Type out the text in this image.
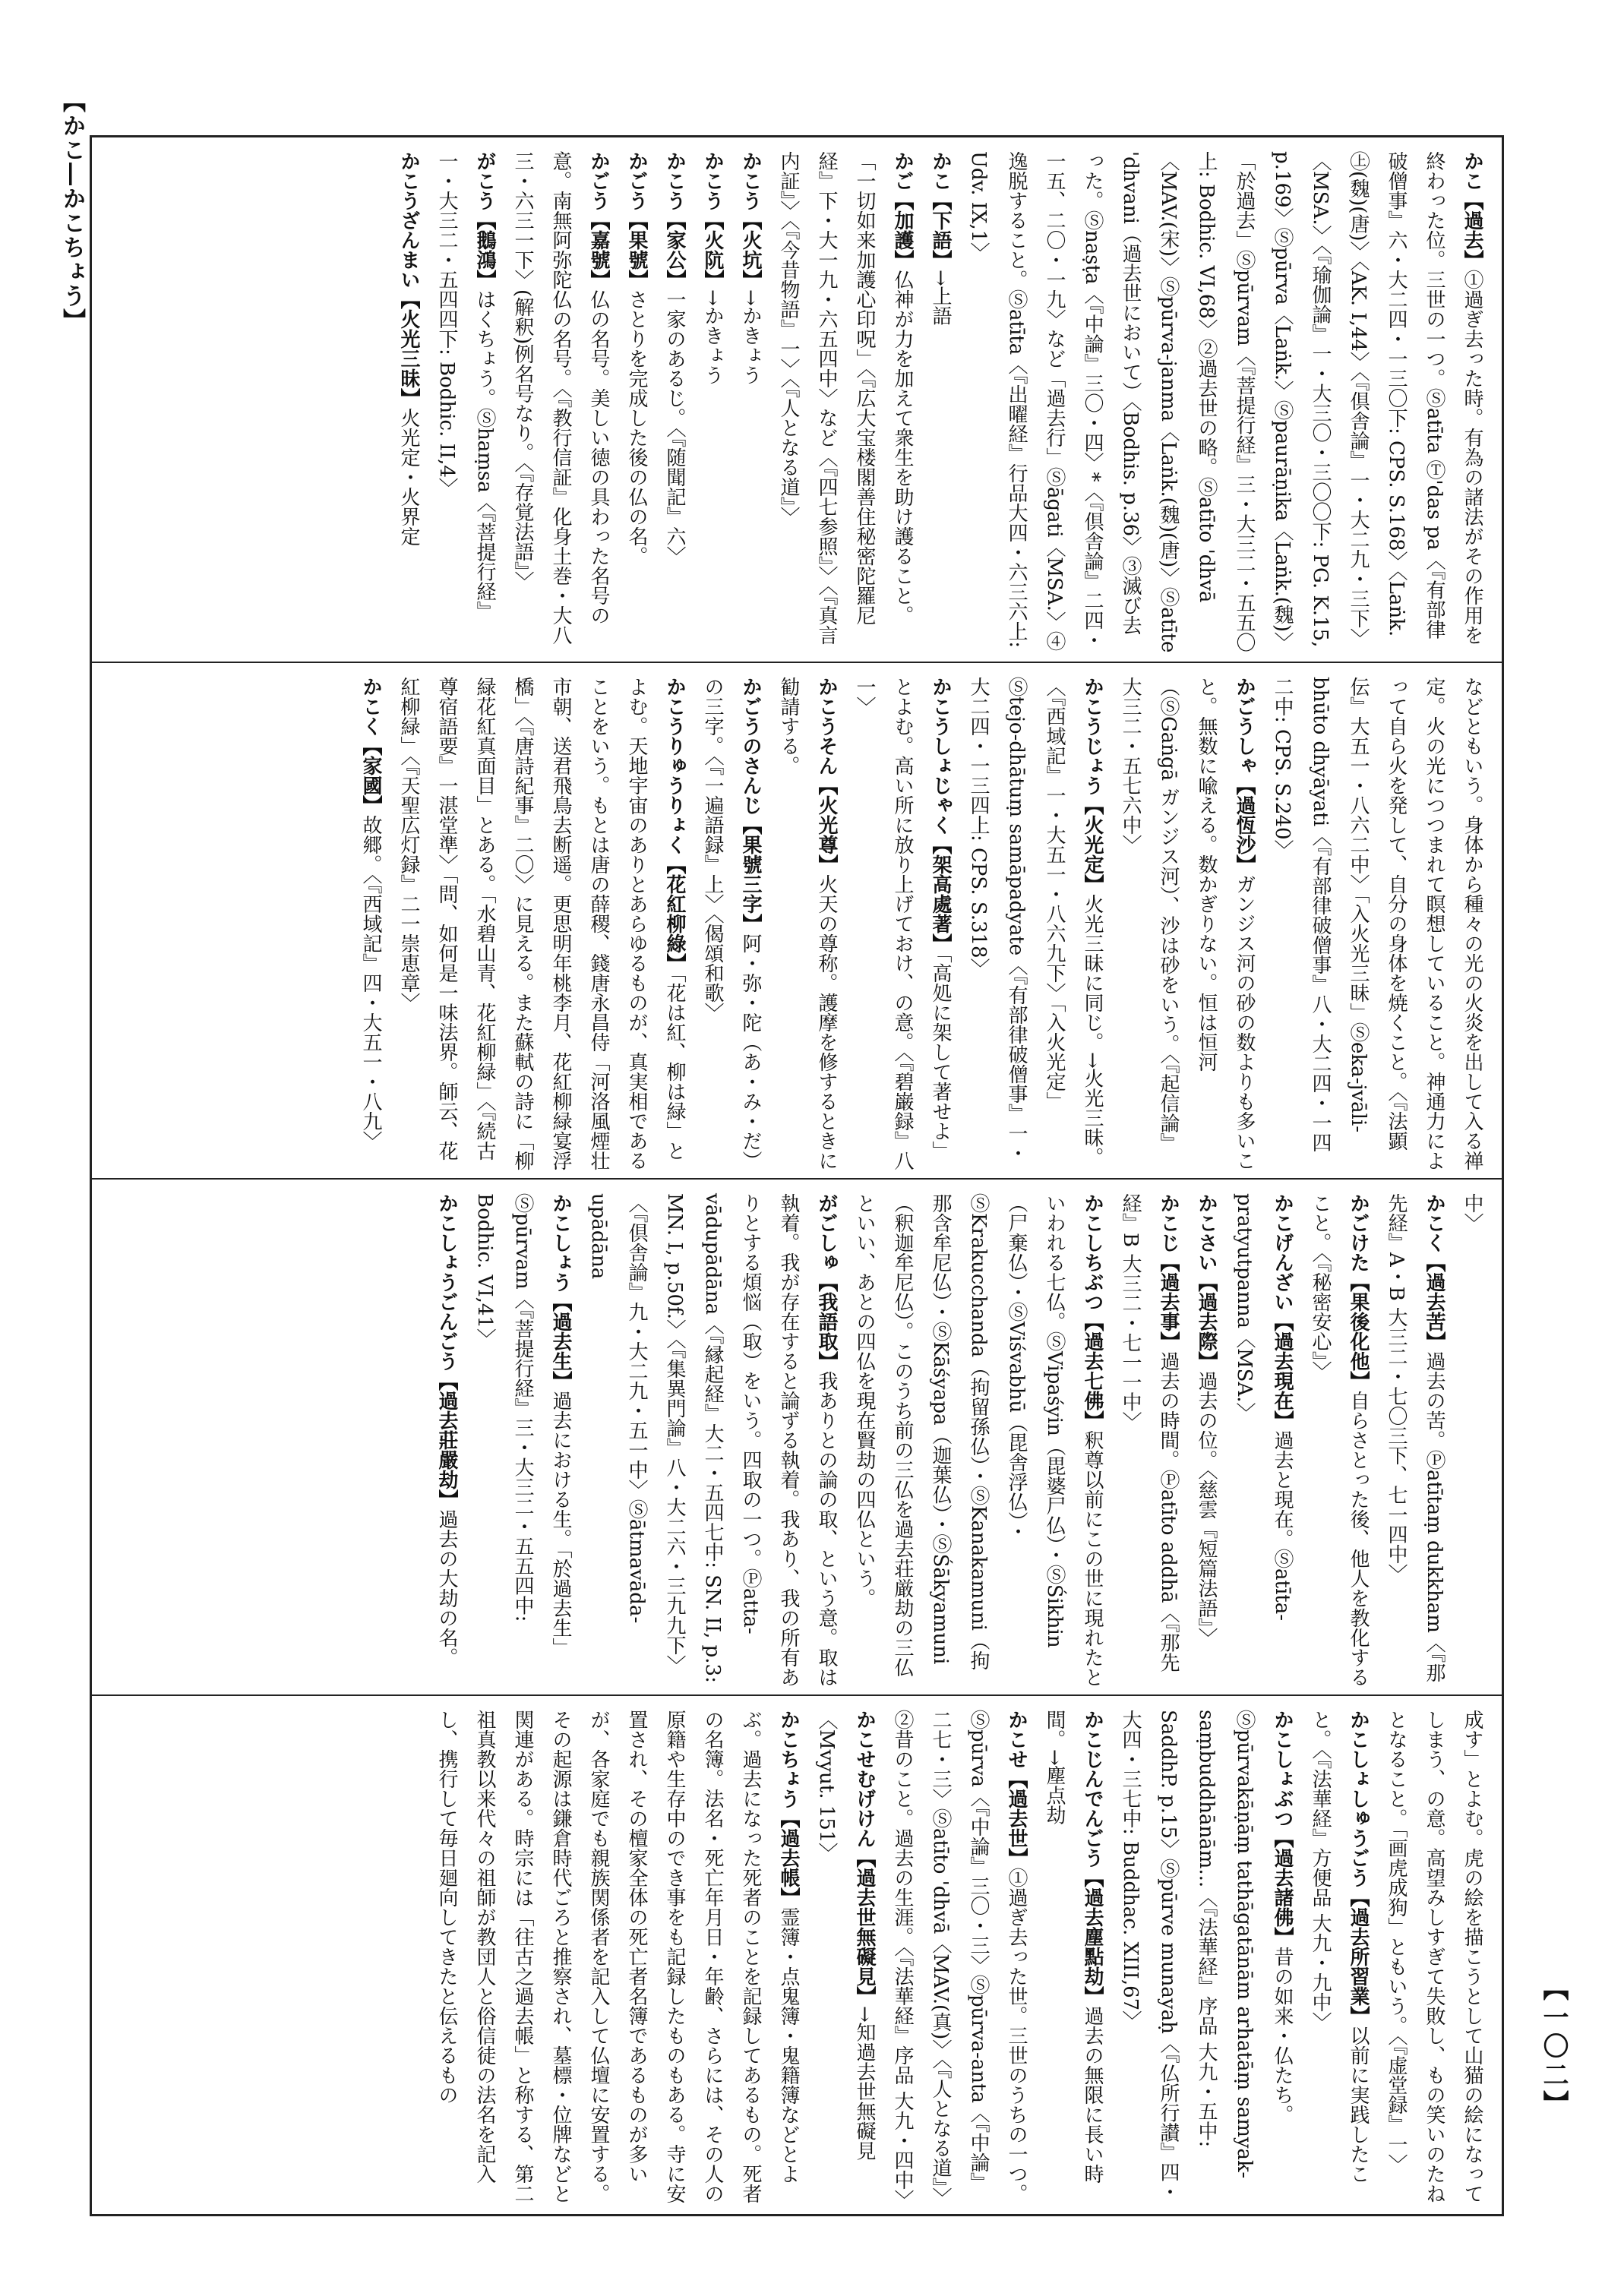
【かこ―かこちょう】
【一〇二】
かこ【過去】①過ぎ去った時。有為の諸法がその作用を終わった位。三世の一つ。Ⓢatīta Ⓣ'das pa〈『有部律破僧事』六・大二四・一三〇下: CPS. S.168〉〈Laṅk. ㊤(魏)(唐)〉〈AK. I,44〉〈『倶舎論』一・大二九・三下〉〈MSA.〉〈『瑜伽論』一・大三〇・三〇〇下: PG. K.15, p.169〉Ⓢpūrva〈Laṅk.〉Ⓢpaurāṇika〈Laṅk.(魏)〉「於過去」Ⓢpūrvam〈『菩提行経』三・大三二・五五〇上: Bodhic. VI,68〉②過去世の略。Ⓢatīto 'dhvā〈MAV.(宋)〉Ⓢpūrva-janma〈Laṅk.(魏)(唐)〉Ⓢatīte 'dhvani（過去世において）〈Bodhis. p.36〉③滅び去った。Ⓢnaṣṭa〈『中論』三〇・四〉*〈『倶舎論』二四・一五、二〇・一九〉など「過去行」Ⓢāgati〈MSA.〉④逸脱すること。Ⓢatīta〈『出曜経』行品大四・六三六上: Udv. IX,1〉
かこ【下語】→上語
かご【加護】仏神が力を加えて衆生を助け護ること。「一切如来加護心印呪」〈『広大宝楼閣善住秘密陀羅尼経』下・大一九・六五四中〉など〈『四七参照』〉〈『真言内証』〉〈『今昔物語』一〉〈『人となる道』〉
かこう【火坑】→かきょう
かこう【火阬】→かきょう
かこう【家公】一家のあるじ。〈『随聞記』六〉
かごう【果號】さとりを完成した後の仏の名。
かごう【嘉號】仏の名号。美しい徳の具わった名号の意。南無阿弥陀仏の名号。〈『教行信証』化身土巻・大八三・六三一下〉(解釈)例名号なり。〈『存覚法語』〉
がこう【鵝鴻】はくちょう。Ⓢhaṃsa〈『菩提行経』一・大三二・五四四下: Bodhic. II,4〉
かこうざんまい【火光三昧】火光定・火界定
などともいう。身体から種々の光の火炎を出して入る禅定。火の光につつまれて瞑想していること。神通力によって自ら火を発して、自分の身体を焼くこと。〈『法顕伝』大五一・八六二中〉「入火光三昧」Ⓢeka-jvāli-bhūto dhyāyati〈『有部律破僧事』八・大二四・一四二中: CPS. S.240〉
かごうしゃ【過恆沙】ガンジス河の砂の数よりも多いこと。無数に喩える。数かぎりない。恒は恒河（ⓈGaṅgā ガンジス河）、沙は砂をいう。〈『起信論』大三二・五七六中〉
かこうじょう【火光定】火光三昧に同じ。→火光三昧。〈『西域記』一・大五一・八六九下〉「入火光定」Ⓢtejo-dhātuṃ samāpadyate〈『有部律破僧事』一・大二四・一三四上: CPS. S.318〉
かこうしょじゃく【架高處著】「高処に架して著せよ」とよむ。高い所に放り上げておけ、の意。〈『碧巌録』八一〉
かこうそん【火光尊】火天の尊称。護摩を修するときに勧請する。
かごうのさんじ【果號三字】阿・弥・陀（あ・み・だ）の三字。〈『一遍語録』上〉〈偈頌和歌〉
かこうりゅうりょく【花紅柳綠】「花は紅、柳は緑」とよむ。天地宇宙のありとあらゆるものが、真実相であることをいう。もとは唐の薛稷、錢唐永昌侍「河洛風煙壮市朝、送君飛鳥去断遥。更思明年桃李月、花紅柳緑宴浮橋」〈『唐詩紀事』二〇〉に見える。また蘇軾の詩に「柳緑花紅真面目」とある。「水碧山青、花紅柳緑」〈『続古尊宿語要』一湛堂準〉「問、如何是一味法界。師云、花紅柳緑」〈『天聖広灯録』二一崇恵章〉
かこく【家國】故郷。〈『西域記』四・大五一・八九〉
中〉
かこく【過去苦】過去の苦。Ⓟatītaṃ dukkham〈『那先経』A・B 大三二・七〇三下、七一四中〉
かごけた【果後化他】自らさとった後、他人を教化すること。〈『秘密安心』〉
かこげんざい【過去現在】過去と現在。Ⓢatīta-pratyutpanna〈MSA.〉
かこさい【過去際】過去の位。〈慈雲『短篇法語』〉
かこじ【過去事】過去の時間。Ⓟatīto addhā〈『那先経』B 大三二・七一一中〉
かこしちぶつ【過去七佛】釈尊以前にこの世に現れたといわれる七仏。ⓈVipaśyin（毘婆尸仏）・ⓈŚikhin（尸棄仏）・ⓈViśvabhū（毘舎浮仏）・ⓈKrakucchanda（拘留孫仏）・ⓈKanakamuni（拘那含牟尼仏）・ⓈKāśyapa（迦葉仏）・ⓈŚākyamuni（釈迦牟尼仏）。このうち前の三仏を過去荘厳劫の三仏といい、あとの四仏を現在賢劫の四仏という。
がごしゅ【我語取】我ありとの論の取、という意。取は執着。我が存在すると論ずる執着。我あり、我の所有ありとする煩悩（取）をいう。四取の一つ。Ⓟatta-vādupādāna〈『縁起経』大二・五四七中: SN. II, p.3: MN. I, p.50f.〉〈『集異門論』八・大二六・三九九下〉〈『倶舎論』九・大二九・五一中〉Ⓢātmavāda-upādāna
かこしょう【過去生】過去における生。「於過去生」Ⓢpūrvam〈『菩提行経』三・大三二・五五四中: Bodhic. VI,41〉
かこしょうごんごう【過去莊嚴劫】過去の大劫の名。
成す」とよむ。虎の絵を描こうとして山猫の絵になってしまう、の意。高望みしすぎて失敗し、もの笑いのたねとなること。「画虎成狗」ともいう。〈『虚堂録』一〉
かこしょしゅうごう【過去所習業】以前に実践したこと。〈『法華経』方便品 大九・九中〉
かこしょぶつ【過去諸佛】昔の如来・仏たち。Ⓢpūrvakāṇāṃ tathāgatānām arhatāṃ samyak-saṃbuddhānām...〈『法華経』序品 大九・五中: SaddhP. p.15〉Ⓢpūrve munayaḥ〈『仏所行讃』四・大四・三七中: Buddhac. XIII,67〉
かこじんでんごう【過去塵點劫】過去の無限に長い時間。→塵点劫
かこせ【過去世】①過ぎ去った世。三世のうちの一つ。Ⓢpūrva〈『中論』三〇・三〉Ⓢpūrva-anta〈『中論』二七・三〉Ⓢatīto 'dhvā〈MAV.(真)〉〈『人となる道』〉②昔のこと。過去の生涯。〈『法華経』序品 大九・四中〉
かこせむげけん【過去世無礙見】→知過去世無礙見〈Mvyut. 151〉
かこちょう【過去帳】霊簿・点鬼簿・鬼籍簿などとよぶ。過去になった死者のことを記録してあるもの。死者の名簿。法名・死亡年月日・年齢、さらには、その人の原籍や生存中のでき事をも記録したものもある。寺に安置され、その檀家全体の死亡者名簿であるものが多いが、各家庭でも親族関係者を記入して仏壇に安置する。その起源は鎌倉時代ごろと推察され、墓標・位牌などと関連がある。時宗には「往古之過去帳」と称する、第二祖真教以来代々の祖師が教団人と俗信徒の法名を記入し、携行して毎日廻向してきたと伝えるもの
